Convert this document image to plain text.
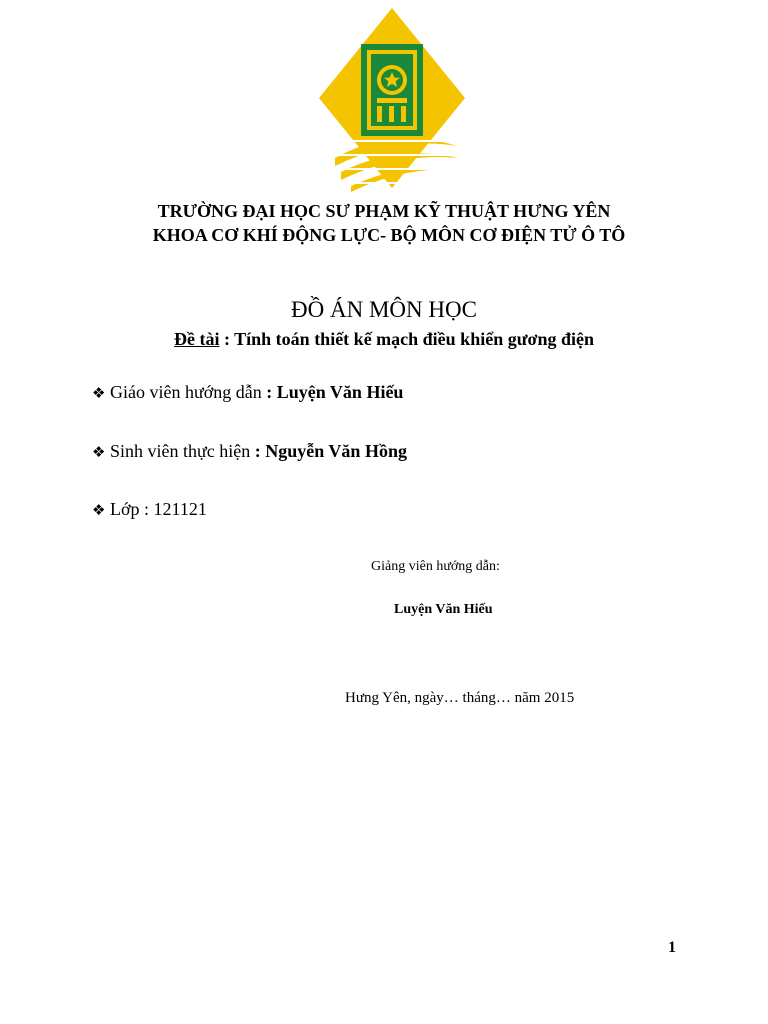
TRƯỜNG ĐẠI HỌC SƯ PHẠM KỸ THUẬT HƯNG YÊN
KHOA CƠ KHÍ ĐỘNG LỰC- BỘ MÔN CƠ ĐIỆN TỬ Ô TÔ
ĐỒ ÁN MÔN HỌC
Đề tài : Tính toán thiết kế mạch điều khiển gương điện
❖ Giáo viên hướng dẫn : Luyện Văn Hiếu
❖ Sinh viên thực hiện : Nguyễn Văn Hồng
❖ Lớp : 121121
Giảng viên hướng dẫn:
Luyện Văn Hiếu
Hưng Yên, ngày… tháng… năm 2015
1
